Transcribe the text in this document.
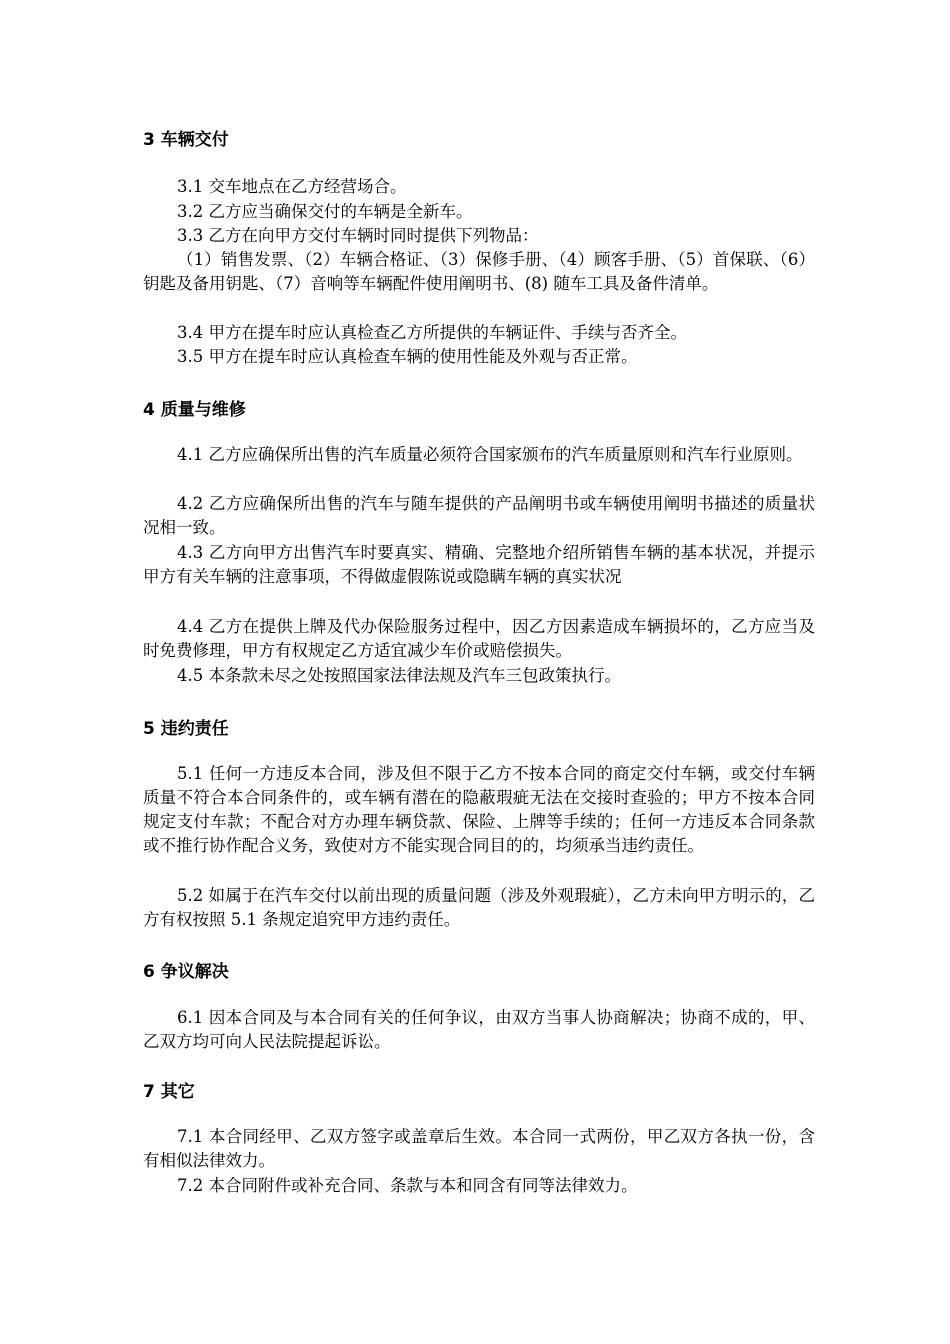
3 车辆交付
3.1 交车地点在乙方经营场合。
3.2 乙方应当确保交付的车辆是全新车。
3.3 乙方在向甲方交付车辆时同时提供下列物品：
（1）销售发票、（2）车辆合格证、（3）保修手册、（4）顾客手册、（5）首保联、（6）钥匙及备用钥匙、（7）音响等车辆配件使用阐明书、(8) 随车工具及备件清单。
3.4 甲方在提车时应认真检查乙方所提供的车辆证件、手续与否齐全。
3.5 甲方在提车时应认真检查车辆的使用性能及外观与否正常。
4 质量与维修
4.1 乙方应确保所出售的汽车质量必须符合国家颁布的汽车质量原则和汽车行业原则。
4.2 乙方应确保所出售的汽车与随车提供的产品阐明书或车辆使用阐明书描述的质量状况相一致。
4.3 乙方向甲方出售汽车时要真实、精确、完整地介绍所销售车辆的基本状况，并提示甲方有关车辆的注意事项，不得做虚假陈说或隐瞒车辆的真实状况
4.4 乙方在提供上牌及代办保险服务过程中，因乙方因素造成车辆损坏的，乙方应当及时免费修理，甲方有权规定乙方适宜减少车价或赔偿损失。
4.5 本条款未尽之处按照国家法律法规及汽车三包政策执行。
5 违约责任
5.1 任何一方违反本合同，涉及但不限于乙方不按本合同的商定交付车辆，或交付车辆质量不符合本合同条件的，或车辆有潜在的隐蔽瑕疵无法在交接时查验的；甲方不按本合同规定支付车款；不配合对方办理车辆贷款、保险、上牌等手续的；任何一方违反本合同条款或不推行协作配合义务，致使对方不能实现合同目的的，均须承当违约责任。
5.2 如属于在汽车交付以前出现的质量问题（涉及外观瑕疵），乙方未向甲方明示的，乙方有权按照 5.1 条规定追究甲方违约责任。
6 争议解决
6.1 因本合同及与本合同有关的任何争议，由双方当事人协商解决；协商不成的，甲、乙双方均可向人民法院提起诉讼。
7 其它
7.1 本合同经甲、乙双方签字或盖章后生效。本合同一式两份，甲乙双方各执一份，含有相似法律效力。
7.2 本合同附件或补充合同、条款与本和同含有同等法律效力。
